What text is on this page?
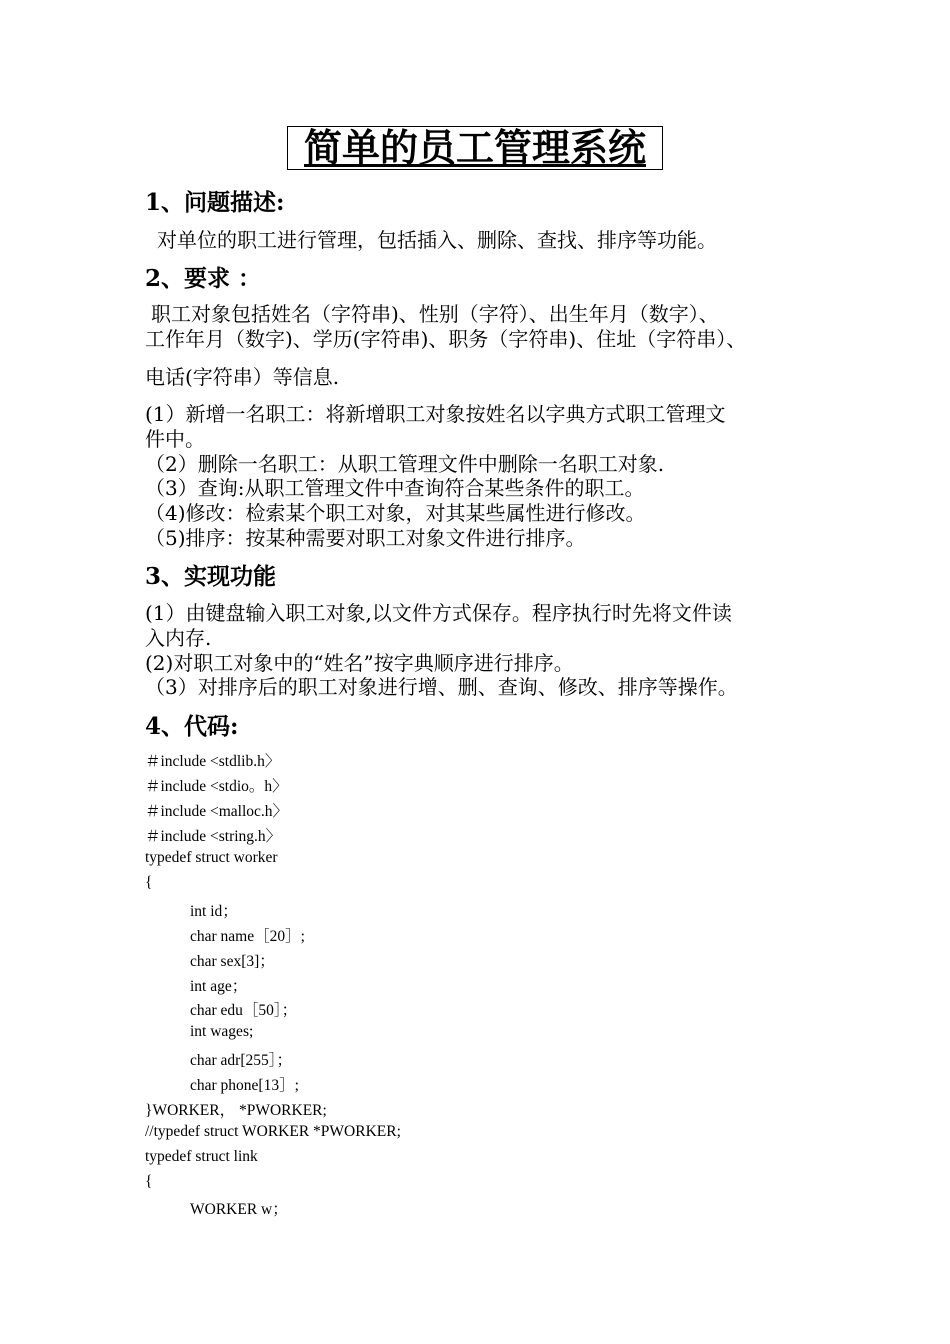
简单的员工管理系统
1、问题描述:
对单位的职工进行管理，包括插入、删除、查找、排序等功能。
2、要求 ：
职工对象包括姓名（字符串)、性别（字符）、出生年月（数字）、
工作年月（数字)、学历(字符串)、职务（字符串)、住址（字符串）、
电话(字符串）等信息.
(1）新增一名职工：将新增职工对象按姓名以字典方式职工管理文
件中。
（2）删除一名职工：从职工管理文件中删除一名职工对象.
（3）查询:从职工管理文件中查询符合某些条件的职工。
（4)修改：检索某个职工对象，对其某些属性进行修改。
（5)排序：按某种需要对职工对象文件进行排序。
3、实现功能
(1）由键盘输入职工对象,以文件方式保存。程序执行时先将文件读
入内存.
(2)对职工对象中的“姓名”按字典顺序进行排序。
（3）对排序后的职工对象进行增、删、查询、修改、排序等操作。
4、代码:
＃include <stdlib.h〉
＃include <stdio。h〉
＃include <malloc.h〉
＃include <string.h〉
typedef struct worker
{
int id；
char name［20］;
char sex[3]；
int age；
char edu［50］；
int wages;
char adr[255］；
char phone[13］;
}WORKER， *PWORKER;
//typedef struct WORKER *PWORKER;
typedef struct link
{
WORKER w；
